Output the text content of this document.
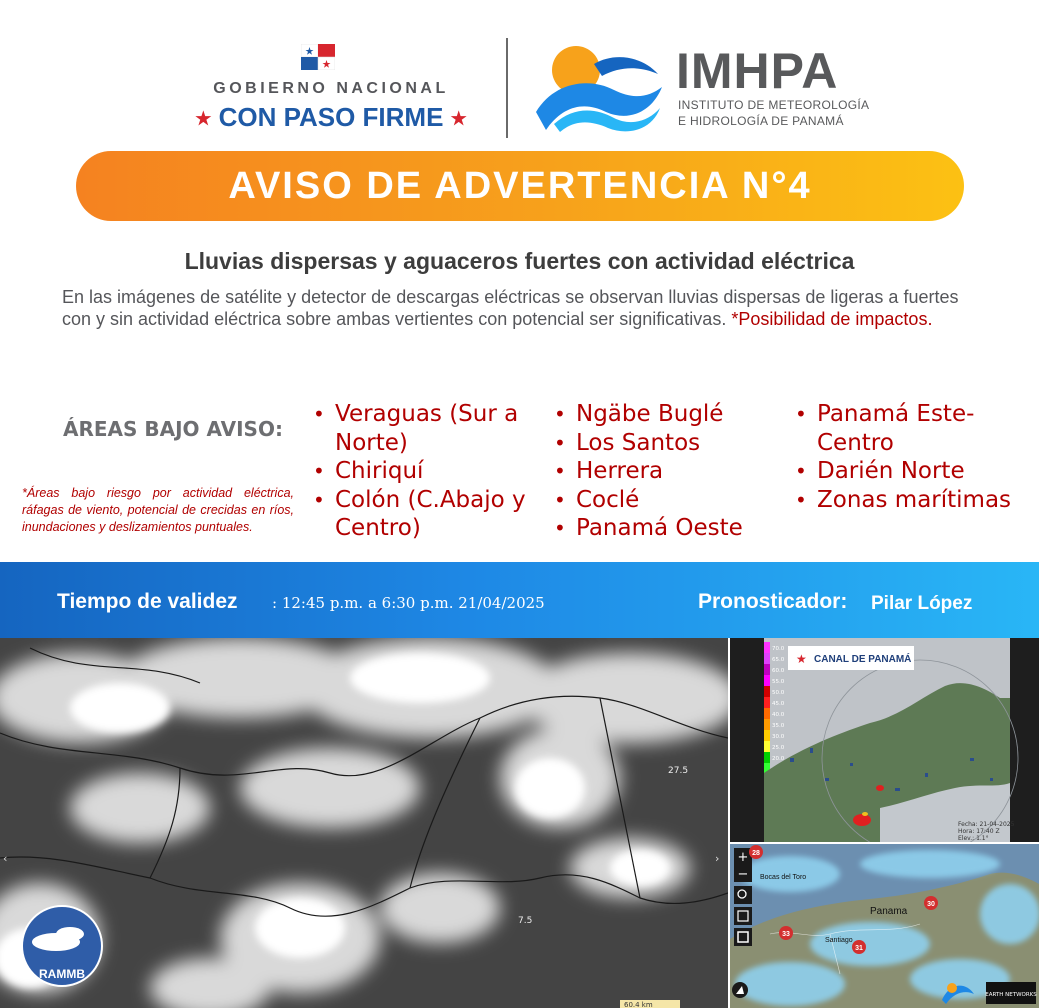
GOBIERNO NACIONAL
★ CON PASO FIRME ★
IMHPA
INSTITUTO DE METEOROLOGÍA
E HIDROLOGÍA DE PANAMÁ
AVISO DE ADVERTENCIA N°4
Lluvias dispersas y aguaceros fuertes con actividad eléctrica
En las imágenes de satélite y detector de descargas eléctricas se observan lluvias dispersas de ligeras a fuertes con y sin actividad eléctrica sobre ambas vertientes con potencial ser significativas. *Posibilidad de impactos.
ÁREAS BAJO AVISO:
*Áreas bajo riesgo por actividad eléctrica, ráfagas de viento, potencial de crecidas en ríos, inundaciones y deslizamientos puntuales.
• Veraguas (Sur a Norte)
• Chiriquí
• Colón (C.Abajo y Centro)
• Ngäbe Buglé
• Los Santos
• Herrera
• Coclé
• Panamá Oeste
• Panamá Este-Centro
• Darién Norte
• Zonas marítimas
Tiempo de validez : 12:45 p.m. a 6:30 p.m. 21/04/2025	Pronosticador: Pilar López
27.5
7.5
‹	›
RAMMB
60.4 km
70.0
65.0
60.0
55.0
50.0
45.0
40.0
35.0
30.0
25.0
20.0
★ CANAL DE PANAMÁ
Fecha: 21-04-2025
Hora: 17:40 Z
Elev.: 1.1°
+
−
Panama
Santiago
Bocas del Toro
28
30
33
31
EARTH NETWORKS
